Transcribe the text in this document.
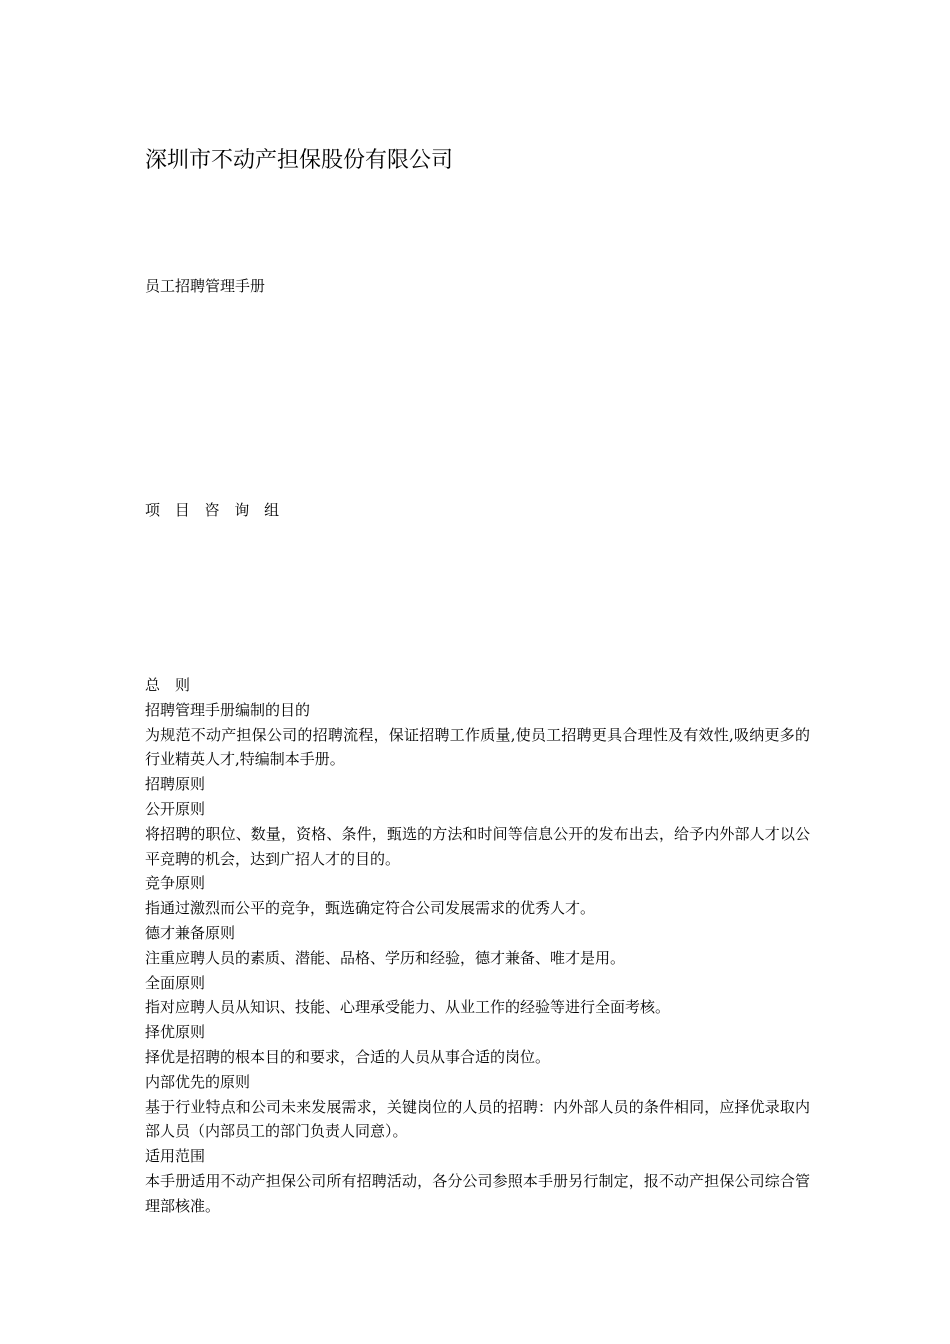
深圳市不动产担保股份有限公司
员工招聘管理手册
项 目 咨 询 组

总　则

招聘管理手册编制的目的

为规范不动产担保公司的招聘流程，保证招聘工作质量,使员工招聘更具合理性及有效性,吸纳更多的行业精英人才,特编制本手册。

招聘原则

公开原则

将招聘的职位、数量，资格、条件，甄选的方法和时间等信息公开的发布出去，给予内外部人才以公平竞聘的机会，达到广招人才的目的。

竞争原则

指通过激烈而公平的竞争，甄选确定符合公司发展需求的优秀人才。

德才兼备原则

注重应聘人员的素质、潜能、品格、学历和经验，德才兼备、唯才是用。

全面原则

指对应聘人员从知识、技能、心理承受能力、从业工作的经验等进行全面考核。

择优原则

择优是招聘的根本目的和要求，合适的人员从事合适的岗位。

内部优先的原则

基于行业特点和公司未来发展需求，关键岗位的人员的招聘：内外部人员的条件相同，应择优录取内部人员（内部员工的部门负责人同意）。

适用范围

本手册适用不动产担保公司所有招聘活动，各分公司参照本手册另行制定，报不动产担保公司综合管理部核准。
